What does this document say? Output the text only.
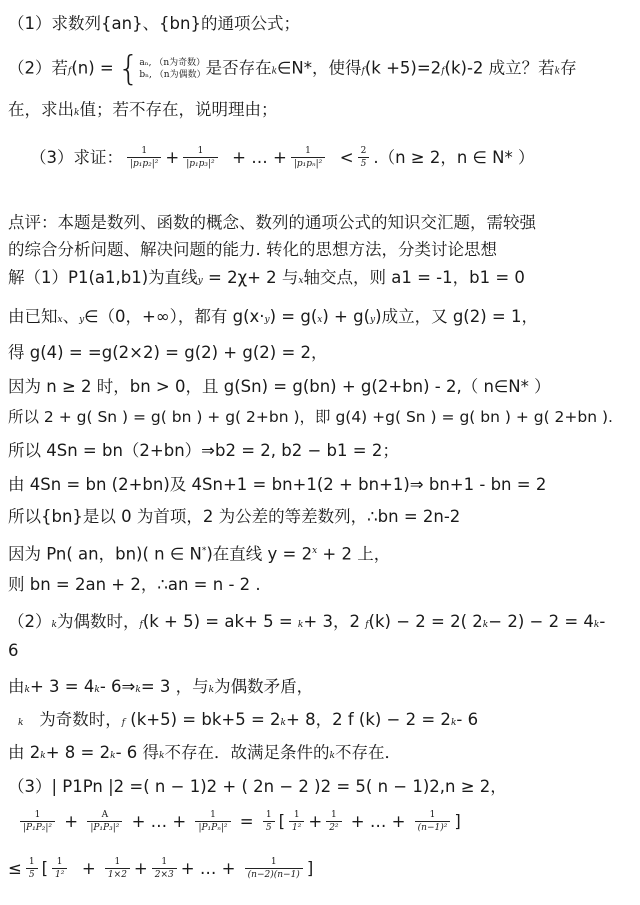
（1）求数列{an}、{bn}的通项公式；
（2）若f(n) = {aₙ, （n为奇数）
bₙ, （n为偶数）是否存在k∈N*，使得f(k +5)=2f(k)-2 成立？若k存
在，求出k值；若不存在，说明理由；
（3）求证： $\frac{1}{\text{|p₁p₂|²}} + \frac{1}{\text{|p₁p₃|²}}$ + … + $\frac{1}{\text{|p₁pₙ|²}} < \frac{2}{5} .(n \ge 2$，n ∈ N* ）
点评：本题是数列、函数的概念、数列的通项公式的知识交汇题，需较强
的综合分析问题、解决问题的能力. 转化的思想方法，分类讨论思想
解（1）P1(a1,b1)为直线y = 2χ+ 2 与x轴交点，则 a1 = -1，b1 = 0
由已知x、y∈（0，+∞），都有 g(x·y) = g(x) + g(y)成立，又 g(2) = 1，
得 g(4) = =g(2×2) = g(2) + g(2) = 2，
因为 n ≥ 2 时，bn > 0，且 g(Sn) = g(bn) + g(2+bn) - 2,（ n∈N* ）
所以 2 + g( Sn ) = g( bn ) + g( 2+bn )，即 g(4) +g( Sn ) = g( bn ) + g( 2+bn ).
所以 4Sn = bn（2+bn）⇒b2 = 2, b2 − b1 = 2；
由 4Sn = bn (2+bn)及 4Sn+1 = bn+1(2 + bn+1)⇒ bn+1 - bn = 2
所以{bn}是以 0 为首项，2 为公差的等差数列，∴bn = 2n-2
因为 Pn( an，bn)( n ∈ N*)在直线 $y = 2^x + 2$ 上，
则 bn = 2an + 2，∴an = n - 2 .
（2）k为偶数时，f(k + 5) = ak+ 5 = k+ 3，2 f(k) − 2 = 2( 2k− 2) − 2 = 4k-
6
由k+ 3 = 4k- 6⇒k= 3 ，与k为偶数矛盾，
k 为奇数时，f (k+5) = bk+5 = 2k+ 8，2 f (k) − 2 = 2k- 6
由 2k+ 8 = 2k- 6 得k不存在．故满足条件的k不存在．
（3）| P1Pn |2 =( n − 1)2 + ( 2n − 2 )2 = 5( n − 1)2,n ≥ 2，
$\frac{1}{\text{|P₁P₂|²}} + \frac{A}{\text{|P₁P₃|²}}$ + … + $\frac{1}{\text{|P₁Pₙ|²}} = \frac{1}{5}$ [ $\frac{1}{\text{1²}} + \frac{1}{\text{2²}}$ + … + $\frac{1}{\text{(n−1)²}}$ ]
≤ $\frac{1}{5}$ [ $\frac{1}{\text{1²}} + \frac{1}{1\times 2} + \frac{1}{2\times 3}$ + … + $\frac{1}{(n-2)(n-1)}$ ]
